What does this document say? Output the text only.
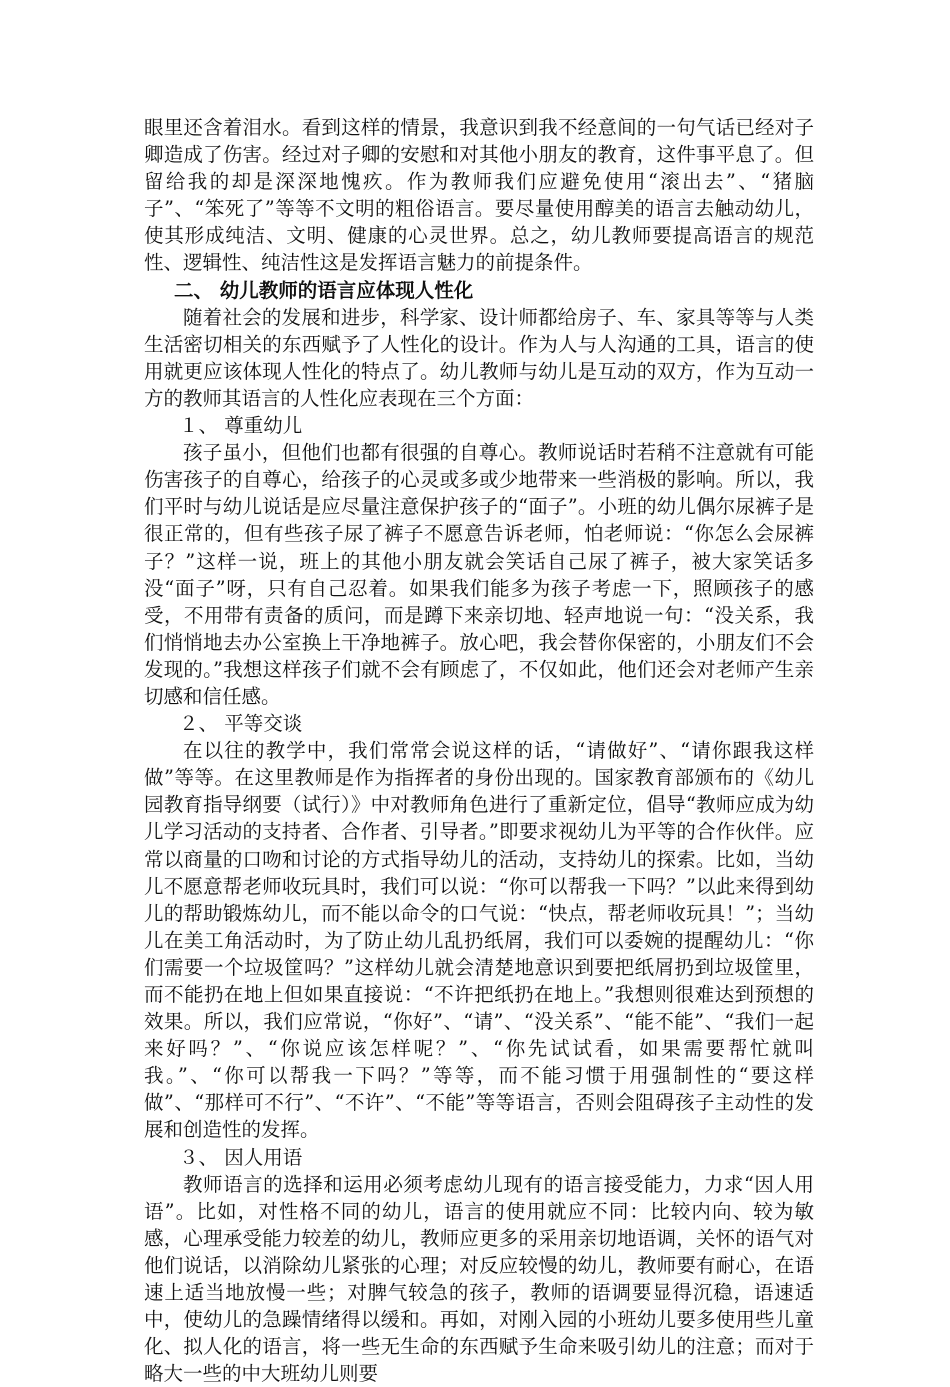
眼里还含着泪水。看到这样的情景，我意识到我不经意间的一句气话已经对子卿造成了伤害。经过对子卿的安慰和对其他小朋友的教育，这件事平息了。但留给我的却是深深地愧疚。作为教师我们应避免使用“滚出去”、“猪脑子”、“笨死了”等等不文明的粗俗语言。要尽量使用醇美的语言去触动幼儿，使其形成纯洁、文明、健康的心灵世界。总之，幼儿教师要提高语言的规范性、逻辑性、纯洁性这是发挥语言魅力的前提条件。

二、 幼儿教师的语言应体现人性化

随着社会的发展和进步，科学家、设计师都给房子、车、家具等等与人类生活密切相关的东西赋予了人性化的设计。作为人与人沟通的工具，语言的使用就更应该体现人性化的特点了。幼儿教师与幼儿是互动的双方，作为互动一方的教师其语言的人性化应表现在三个方面：

１、 尊重幼儿

孩子虽小，但他们也都有很强的自尊心。教师说话时若稍不注意就有可能伤害孩子的自尊心，给孩子的心灵或多或少地带来一些消极的影响。所以，我们平时与幼儿说话是应尽量注意保护孩子的“面子”。小班的幼儿偶尔尿裤子是很正常的，但有些孩子尿了裤子不愿意告诉老师，怕老师说：“你怎么会尿裤子？”这样一说，班上的其他小朋友就会笑话自己尿了裤子，被大家笑话多没“面子”呀，只有自己忍着。如果我们能多为孩子考虑一下，照顾孩子的感受，不用带有责备的质问，而是蹲下来亲切地、轻声地说一句：“没关系，我们悄悄地去办公室换上干净地裤子。放心吧，我会替你保密的，小朋友们不会发现的。”我想这样孩子们就不会有顾虑了，不仅如此，他们还会对老师产生亲切感和信任感。

２、 平等交谈

在以往的教学中，我们常常会说这样的话，“请做好”、“请你跟我这样做”等等。在这里教师是作为指挥者的身份出现的。国家教育部颁布的《幼儿园教育指导纲要（试行）》中对教师角色进行了重新定位，倡导“教师应成为幼儿学习活动的支持者、合作者、引导者。”即要求视幼儿为平等的合作伙伴。应常以商量的口吻和讨论的方式指导幼儿的活动，支持幼儿的探索。比如，当幼儿不愿意帮老师收玩具时，我们可以说：“你可以帮我一下吗？”以此来得到幼儿的帮助锻炼幼儿，而不能以命令的口气说：“快点，帮老师收玩具！”；当幼儿在美工角活动时，为了防止幼儿乱扔纸屑，我们可以委婉的提醒幼儿：“你们需要一个垃圾筐吗？”这样幼儿就会清楚地意识到要把纸屑扔到垃圾筐里，而不能扔在地上但如果直接说：“不许把纸扔在地上。”我想则很难达到预想的效果。所以，我们应常说，“你好”、“请”、“没关系”、“能不能”、“我们一起来好吗？”、“你说应该怎样呢？”、“你先试试看，如果需要帮忙就叫我。”、“你可以帮我一下吗？”等等，而不能习惯于用强制性的“要这样做”、“那样可不行”、“不许”、“不能”等等语言，否则会阻碍孩子主动性的发展和创造性的发挥。

３、 因人用语

教师语言的选择和运用必须考虑幼儿现有的语言接受能力，力求“因人用语”。比如，对性格不同的幼儿，语言的使用就应不同：比较内向、较为敏感，心理承受能力较差的幼儿，教师应更多的采用亲切地语调，关怀的语气对他们说话，以消除幼儿紧张的心理；对反应较慢的幼儿，教师要有耐心，在语速上适当地放慢一些；对脾气较急的孩子，教师的语调要显得沉稳，语速适中，使幼儿的急躁情绪得以缓和。再如，对刚入园的小班幼儿要多使用些儿童化、拟人化的语言，将一些无生命的东西赋予生命来吸引幼儿的注意；而对于略大一些的中大班幼儿则要
